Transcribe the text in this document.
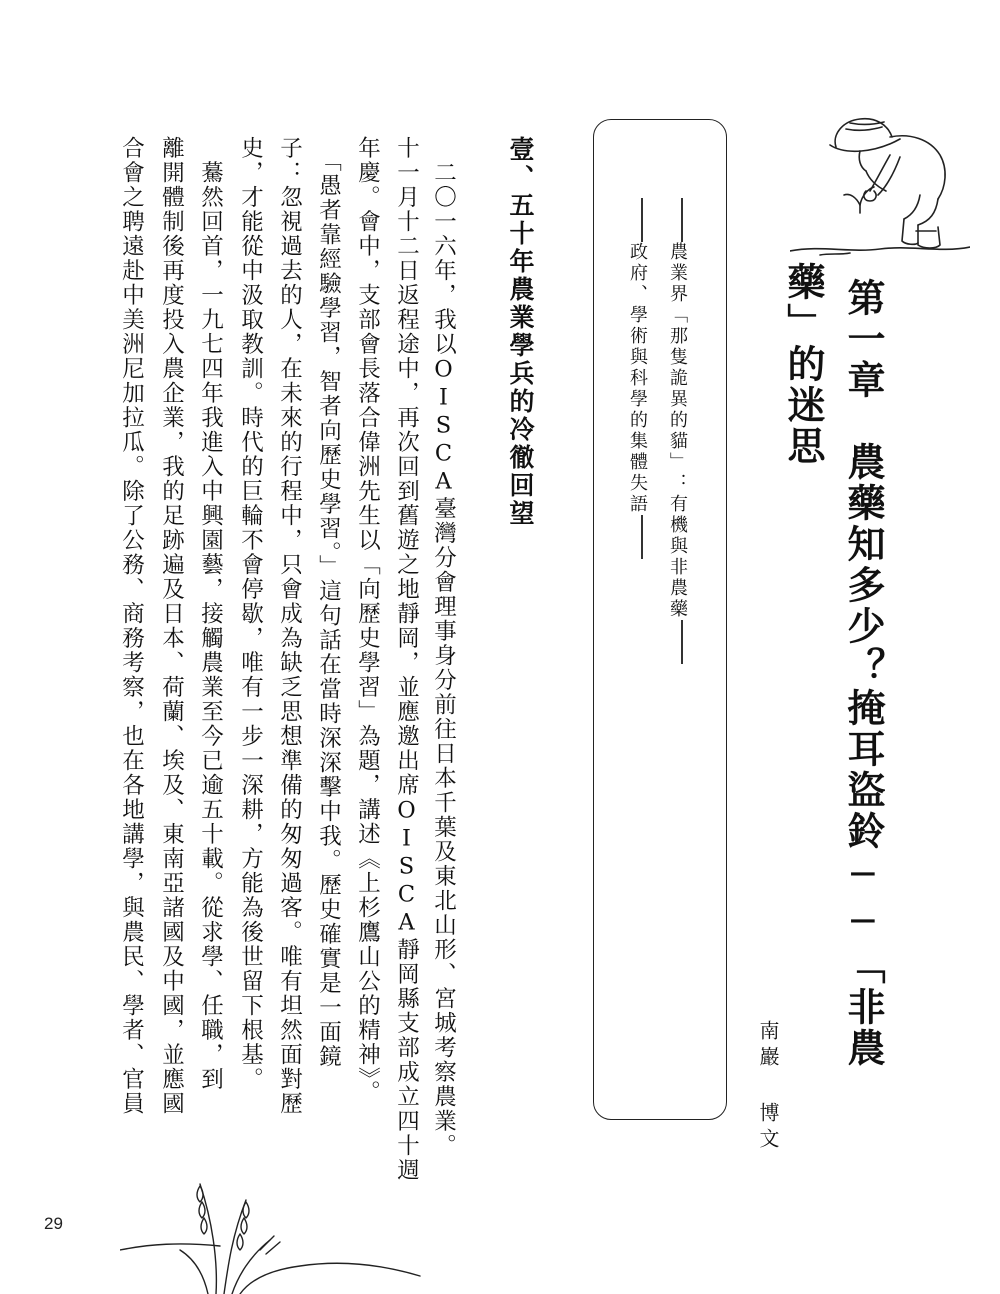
第一章　農藥知多少？掩耳盜鈴──「非農
藥」的迷思
南巖 博文
農業界「那隻詭異的貓」：有機與非農藥
政府、學術與科學的集體失語
壹、五十年農業學兵的冷徹回望
　二〇一六年，我以OISCA臺灣分會理事身分前往日本千葉及東北山形、宮城考察農業。
十一月十二日返程途中，再次回到舊遊之地靜岡，並應邀出席OISCA靜岡縣支部成立四十週
年慶。會中，支部會長落合偉洲先生以「向歷史學習」為題，講述《上杉鷹山公的精神》。
　「愚者靠經驗學習，智者向歷史學習。」這句話在當時深深擊中我。歷史確實是一面鏡
子：忽視過去的人，在未來的行程中，只會成為缺乏思想準備的匆匆過客。唯有坦然面對歷
史，才能從中汲取教訓。時代的巨輪不會停歇，唯有一步一深耕，方能為後世留下根基。
　驀然回首，一九七四年我進入中興園藝，接觸農業至今已逾五十載。從求學、任職，到
離開體制後再度投入農企業，我的足跡遍及日本、荷蘭、埃及、東南亞諸國及中國，並應國
合會之聘遠赴中美洲尼加拉瓜。除了公務、商務考察，也在各地講學，與農民、學者、官員
29
